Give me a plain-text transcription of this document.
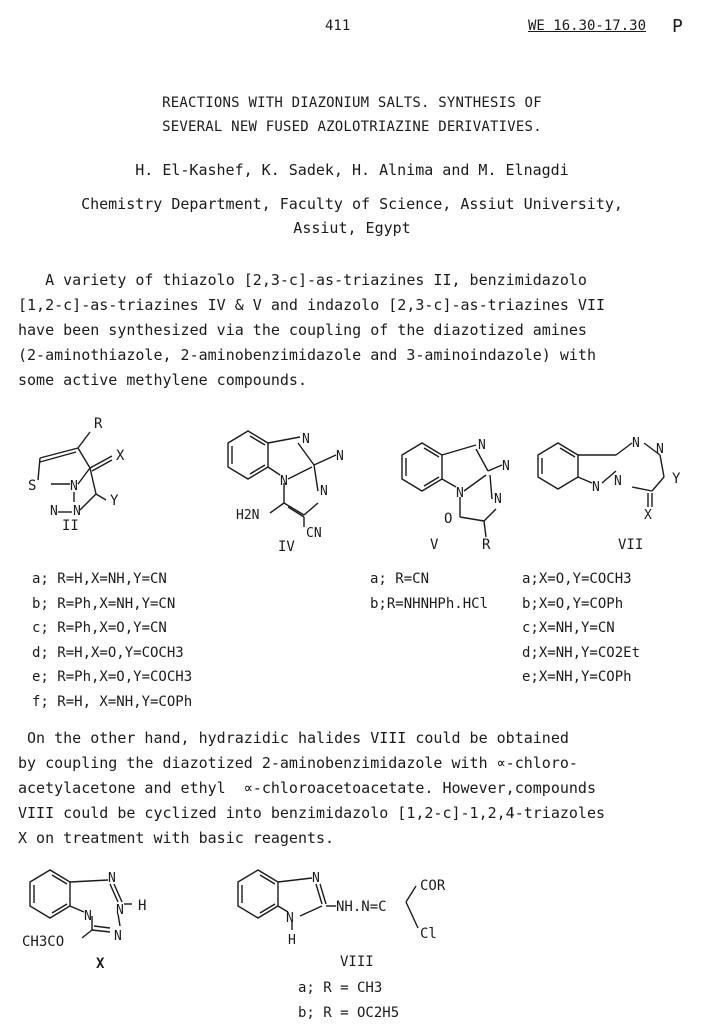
411	WE 16.30-17.30 P
REACTIONS WITH DIAZONIUM SALTS. SYNTHESIS OF
SEVERAL NEW FUSED AZOLOTRIAZINE DERIVATIVES.
H. El-Kashef, K. Sadek, H. Alnima and M. Elnagdi
Chemistry Department, Faculty of Science, Assiut University,
Assiut, Egypt
A variety of thiazolo [2,3-c]-as-triazines II, benzimidazolo
[1,2-c]-as-triazines IV & V and indazolo [2,3-c]-as-triazines VII
have been synthesized via the coupling of the diazotized amines
(2-aminothiazole, 2-aminobenzimidazole and 3-aminoindazole) with
some active methylene compounds.
R
X
Y
S	N
N N
II
N
N
N
N
H2N
CN
IV
N
N
N
N
O
R
V
N N
N N
X
Y
VII
a; R=H,X=NH,Y=CN
b; R=Ph,X=NH,Y=CN
c; R=Ph,X=O,Y=CN
d; R=H,X=O,Y=COCH3
e; R=Ph,X=O,Y=COCH3
f; R=H, X=NH,Y=COPh
a; R=CN
b;R=NHNHPh.HCl
a;X=O,Y=COCH3
b;X=O,Y=COPh
c;X=NH,Y=CN
d;X=NH,Y=CO2Et
e;X=NH,Y=COPh
On the other hand, hydrazidic halides VIII could be obtained
by coupling the diazotized 2-aminobenzimidazole with ∝-chloro-
acetylacetone and ethyl  ∝-chloroacetoacetate. However,compounds
VIII could be cyclized into benzimidazolo [1,2-c]-1,2,4-triazoles
X on treatment with basic reagents.
N
N N
N
H
CH3CO
X
N
N
H
NH.N=C
COR
Cl
VIII
a; R = CH3
b; R = OC2H5
